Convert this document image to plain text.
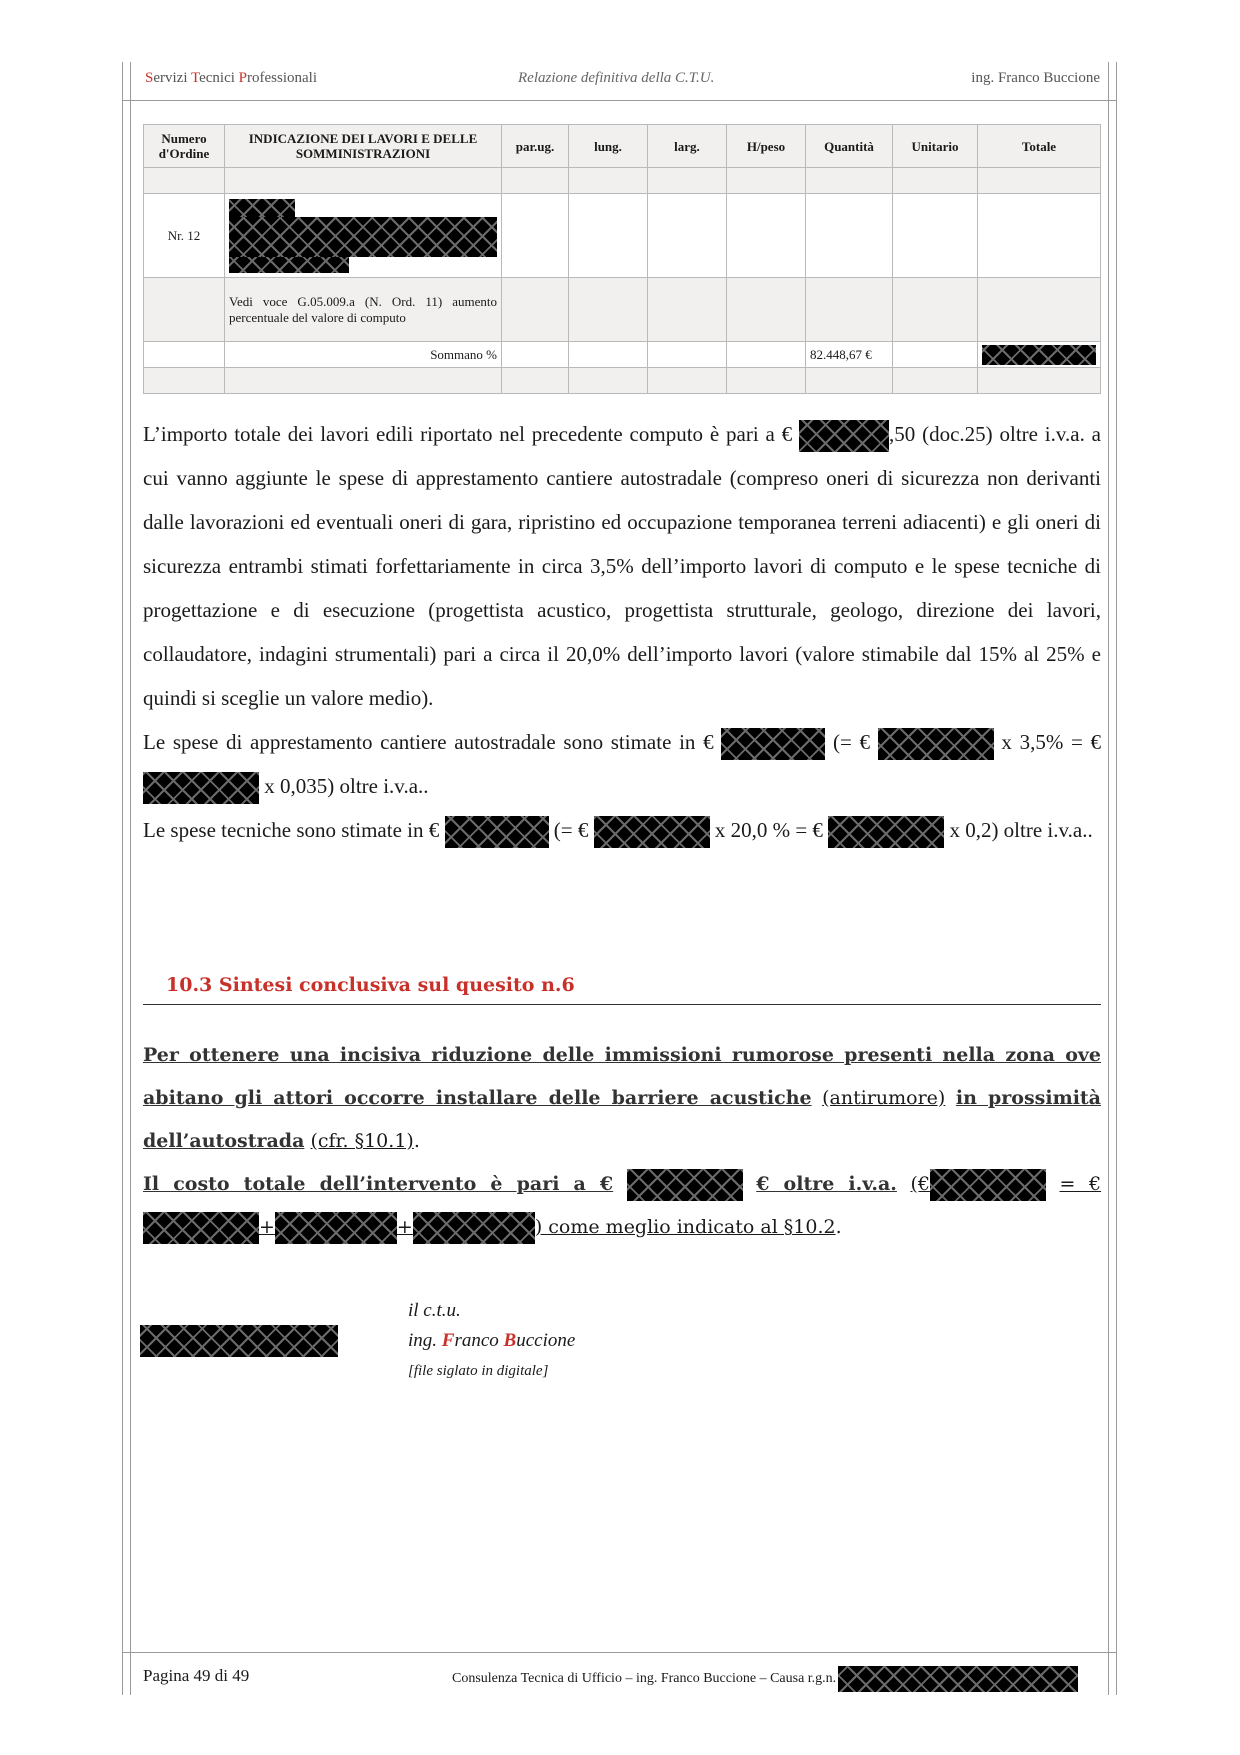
Servizi Tecnici Professionali	Relazione definitiva della C.T.U.	ing. Franco Buccione
Numero d'Ordine	INDICAZIONE DEI LAVORI E DELLE SOMMINISTRAZIONI	par.ug.	lung.	larg.	H/peso	Quantità	Unitario	Totale

Nr. 12	

	Vedi voce G.05.009.a (N. Ord. 11) aumento percentuale del valore di computo							
	Sommano %					82.448,67 €		

L’importo totale dei lavori edili riportato nel precedente computo è pari a €	,50 (doc.25) oltre i.v.a. a cui vanno aggiunte le spese di apprestamento cantiere autostradale (compreso oneri di sicurezza non derivanti dalle lavorazioni ed eventuali oneri di gara, ripristino ed occupazione temporanea terreni adiacenti) e gli oneri di sicurezza entrambi stimati forfettariamente in circa 3,5% dell’importo lavori di computo e le spese tecniche di progettazione e di esecuzione (progettista acustico, progettista strutturale, geologo, direzione dei lavori, collaudatore, indagini strumentali) pari a circa il 20,0% dell’importo lavori (valore stimabile dal 15% al 25% e quindi si sceglie un valore medio).

Le spese di apprestamento cantiere autostradale sono stimate in €	(= €	x 3,5% = €  x 0,035) oltre i.v.a..

Le spese tecniche sono stimate in €	(= €	x 20,0 % = €	x 0,2) oltre i.v.a..

10.3 Sintesi conclusiva sul quesito n.6

Per ottenere una incisiva riduzione delle immissioni rumorose presenti nella zona ove abitano gli attori occorre installare delle barriere acustiche (antirumore) in prossimità dell’autostrada (cfr. §10.1).

Il costo totale dell’intervento è pari a €	€ oltre i.v.a. (€	= € +	+	) come meglio indicato al §10.2.

il c.t.u.
ing. Franco Buccione
[file siglato in digitale]
Pagina 49 di 49	Consulenza Tecnica di Ufficio – ing. Franco Buccione – Causa r.g.n.
